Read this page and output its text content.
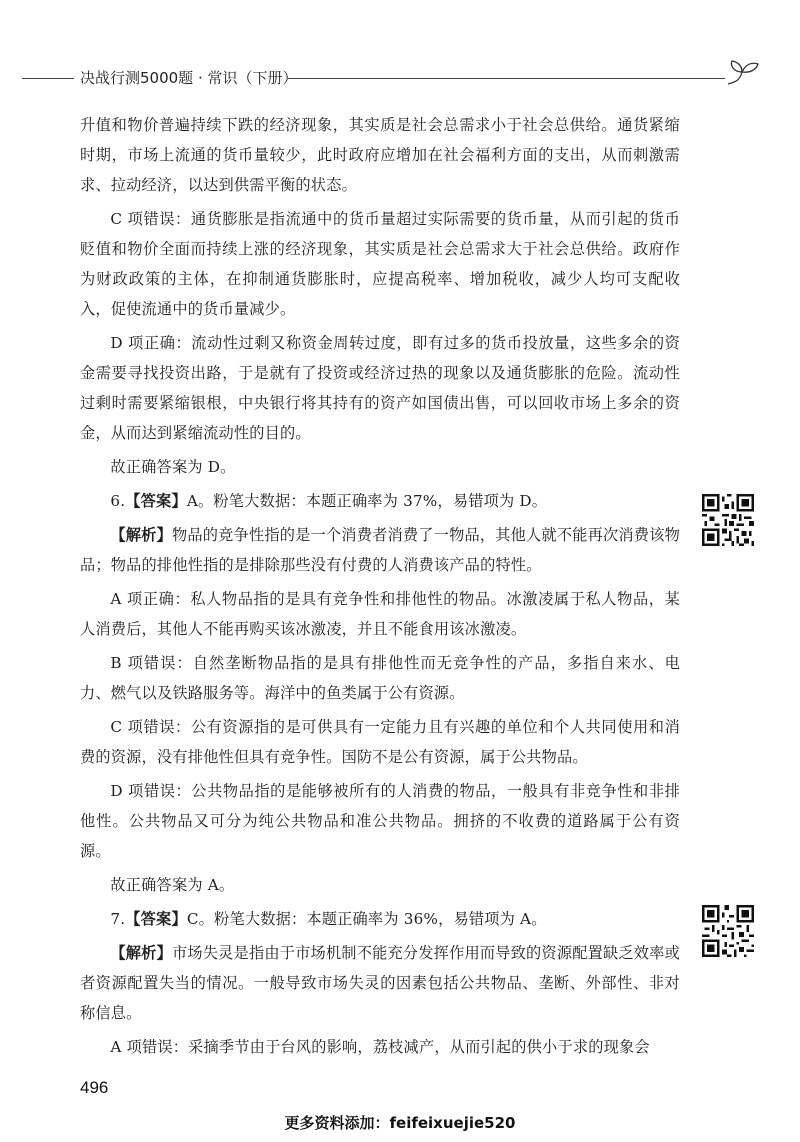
决战行测5000题 · 常识（下册）

升值和物价普遍持续下跌的经济现象，其实质是社会总需求小于社会总供给。通货紧缩时期，市场上流通的货币量较少，此时政府应增加在社会福利方面的支出，从而刺激需求、拉动经济，以达到供需平衡的状态。

C 项错误：通货膨胀是指流通中的货币量超过实际需要的货币量，从而引起的货币贬值和物价全面而持续上涨的经济现象，其实质是社会总需求大于社会总供给。政府作为财政政策的主体，在抑制通货膨胀时，应提高税率、增加税收，减少人均可支配收入，促使流通中的货币量减少。

D 项正确：流动性过剩又称资金周转过度，即有过多的货币投放量，这些多余的资金需要寻找投资出路，于是就有了投资或经济过热的现象以及通货膨胀的危险。流动性过剩时需要紧缩银根，中央银行将其持有的资产如国债出售，可以回收市场上多余的资金，从而达到紧缩流动性的目的。

故正确答案为 D。

6.【答案】A。粉笔大数据：本题正确率为 37%，易错项为 D。

【解析】物品的竞争性指的是一个消费者消费了一物品，其他人就不能再次消费该物品；物品的排他性指的是排除那些没有付费的人消费该产品的特性。

A 项正确：私人物品指的是具有竞争性和排他性的物品。冰激凌属于私人物品，某人消费后，其他人不能再购买该冰激凌，并且不能食用该冰激凌。

B 项错误：自然垄断物品指的是具有排他性而无竞争性的产品，多指自来水、电力、燃气以及铁路服务等。海洋中的鱼类属于公有资源。

C 项错误：公有资源指的是可供具有一定能力且有兴趣的单位和个人共同使用和消费的资源，没有排他性但具有竞争性。国防不是公有资源，属于公共物品。

D 项错误：公共物品指的是能够被所有的人消费的物品，一般具有非竞争性和非排他性。公共物品又可分为纯公共物品和准公共物品。拥挤的不收费的道路属于公有资源。

故正确答案为 A。

7.【答案】C。粉笔大数据：本题正确率为 36%，易错项为 A。

【解析】市场失灵是指由于市场机制不能充分发挥作用而导致的资源配置缺乏效率或者资源配置失当的情况。一般导致市场失灵的因素包括公共物品、垄断、外部性、非对称信息。

A 项错误：采摘季节由于台风的影响，荔枝减产，从而引起的供小于求的现象会

496
更多资料添加：feifeixuejie520
